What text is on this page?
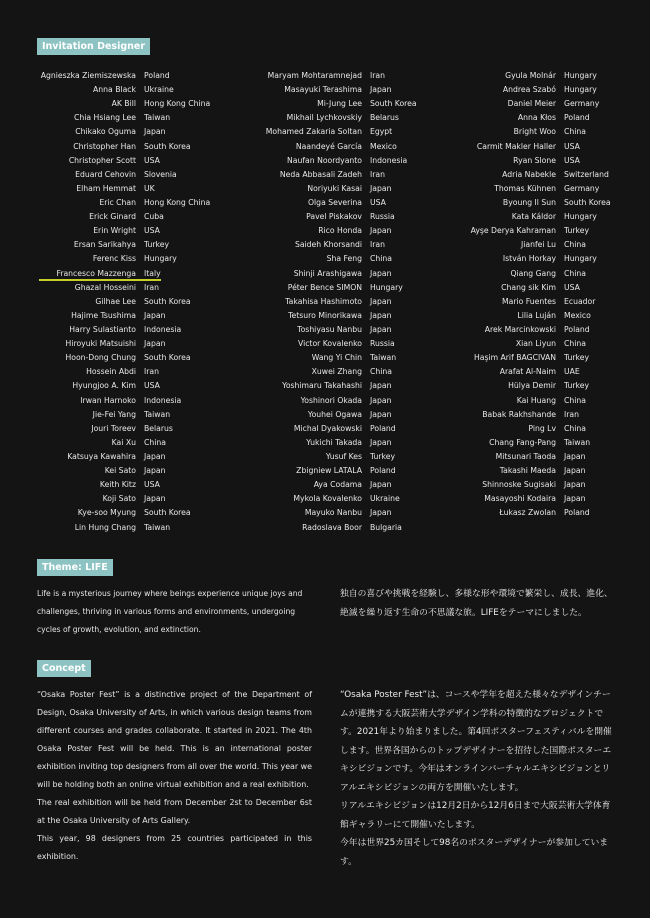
Invitation Designer
Agnieszka Ziemiszewska Poland
Anna Black Ukraine
AK Bill Hong Kong China
Chia Hsiang Lee Taiwan
Chikako Oguma Japan
Christopher Han South Korea
Christopher Scott USA
Eduard Cehovin Slovenia
Elham Hemmat UK
Eric Chan Hong Kong China
Erick Ginard Cuba
Erin Wright USA
Ersan Sarikahya Turkey
Ferenc Kiss Hungary
Francesco Mazzenga Italy
Ghazal Hosseini Iran
Gilhae Lee South Korea
Hajime Tsushima Japan
Harry Sulastianto Indonesia
Hiroyuki Matsuishi Japan
Hoon-Dong Chung South Korea
Hossein Abdi Iran
Hyungjoo A. Kim USA
Irwan Harnoko Indonesia
Jie-Fei Yang Taiwan
Jouri Toreev Belarus
Kai Xu China
Katsuya Kawahira Japan
Kei Sato Japan
Keith Kitz USA
Koji Sato Japan
Kye-soo Myung South Korea
Lin Hung Chang Taiwan
Maryam Mohtaramnejad Iran
Masayuki Terashima Japan
Mi-Jung Lee South Korea
Mikhail Lychkovskiy Belarus
Mohamed Zakaria Soltan Egypt
Naandeyé García Mexico
Naufan Noordyanto Indonesia
Neda Abbasali Zadeh Iran
Noriyuki Kasai Japan
Olga Severina USA
Pavel Piskakov Russia
Rico Honda Japan
Saideh Khorsandi Iran
Sha Feng China
Shinji Arashigawa Japan
Péter Bence SIMON Hungary
Takahisa Hashimoto Japan
Tetsuro Minorikawa Japan
Toshiyasu Nanbu Japan
Victor Kovalenko Russia
Wang Yi Chin Taiwan
Xuwei Zhang China
Yoshimaru Takahashi Japan
Yoshinori Okada Japan
Youhei Ogawa Japan
Michal Dyakowski Poland
Yukichi Takada Japan
Yusuf Kes Turkey
Zbigniew LATALA Poland
Aya Codama Japan
Mykola Kovalenko Ukraine
Mayuko Nanbu Japan
Radoslava Boor Bulgaria
Gyula Molnár Hungary
Andrea Szabó Hungary
Daniel Meier Germany
Anna Kłos Poland
Bright Woo China
Carmit Makler Haller USA
Ryan Slone USA
Adria Nabekle Switzerland
Thomas Kühnen Germany
Byoung Il Sun South Korea
Kata Káldor Hungary
Ayşe Derya Kahraman Turkey
Jianfei Lu China
István Horkay Hungary
Qiang Gang China
Chang sik Kim USA
Mario Fuentes Ecuador
Lilia Luján Mexico
Arek Marcinkowski Poland
Xian Liyun China
Haşim Arif BAGCIVAN Turkey
Arafat Al-Naim UAE
Hülya Demir Turkey
Kai Huang China
Babak Rakhshande Iran
Ping Lv China
Chang Fang-Pang Taiwan
Mitsunari Taoda Japan
Takashi Maeda Japan
Shinnoske Sugisaki Japan
Masayoshi Kodaira Japan
Łukasz Zwolan Poland
Theme: LIFE

Life is a mysterious journey where beings experience unique joys and challenges, thriving in various forms and environments, undergoing cycles of growth, evolution, and extinction.

独自の喜びや挑戦を経験し、多様な形や環境で繁栄し、成長、進化、絶滅を繰り返す生命の不思議な旅。LIFEをテーマにしました。

Concept

“Osaka Poster Fest” is a distinctive project of the Department of Design, Osaka University of Arts, in which various design teams from different courses and grades collaborate. It started in 2021. The 4th Osaka Poster Fest will be held. This is an international poster exhibition inviting top designers from all over the world. This year we will be holding both an online virtual exhibition and a real exhibition.

The real exhibition will be held from December 2st to December 6st at the Osaka University of Arts Gallery.

This year, 98 designers from 25 countries participated in this exhibition.

“Osaka Poster Fest”は、コースや学年を超えた様々なデザインチームが連携する大阪芸術大学デザイン学科の特徴的なプロジェクトです。2021年より始まりました。第4回ポスターフェスティバルを開催します。世界各国からのトップデザイナーを招待した国際ポスターエキシビジョンです。今年はオンラインバーチャルエキシビジョンとリアルエキシビジョンの両方を開催いたします。

リアルエキシビジョンは12月2日から12月6日まで大阪芸術大学体育館ギャラリーにて開催いたします。

今年は世界25カ国そして98名のポスターデザイナーが参加しています。
